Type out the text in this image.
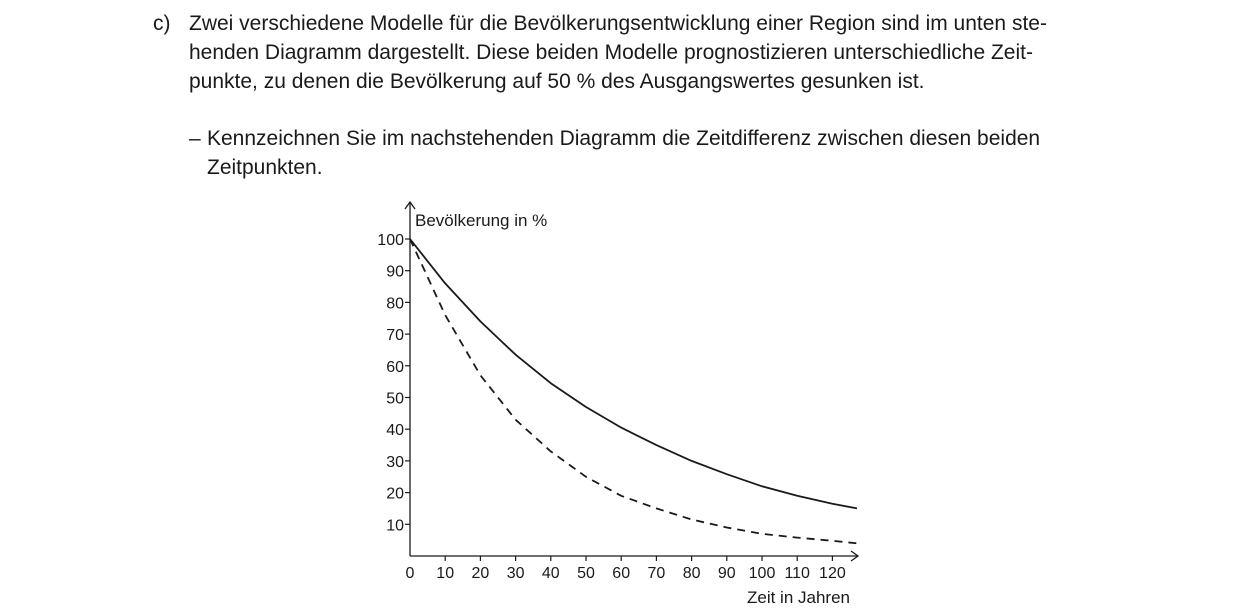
c) Zwei verschiedene Modelle für die Bevölkerungsentwicklung einer Region sind im unten ste-
henden Diagramm dargestellt. Diese beiden Modelle prognostizieren unterschiedliche Zeit-
punkte, zu denen die Bevölkerung auf 50 % des Ausgangswertes gesunken ist.
– Kennzeichnen Sie im nachstehenden Diagramm die Zeitdifferenz zwischen diesen beiden
Zeitpunkten.
0 10 20 30 40 50 60 70 80 90 100 110 120
10
20
30
40
50
60
70
80
90
100
Bevölkerung in %
Zeit in Jahren
